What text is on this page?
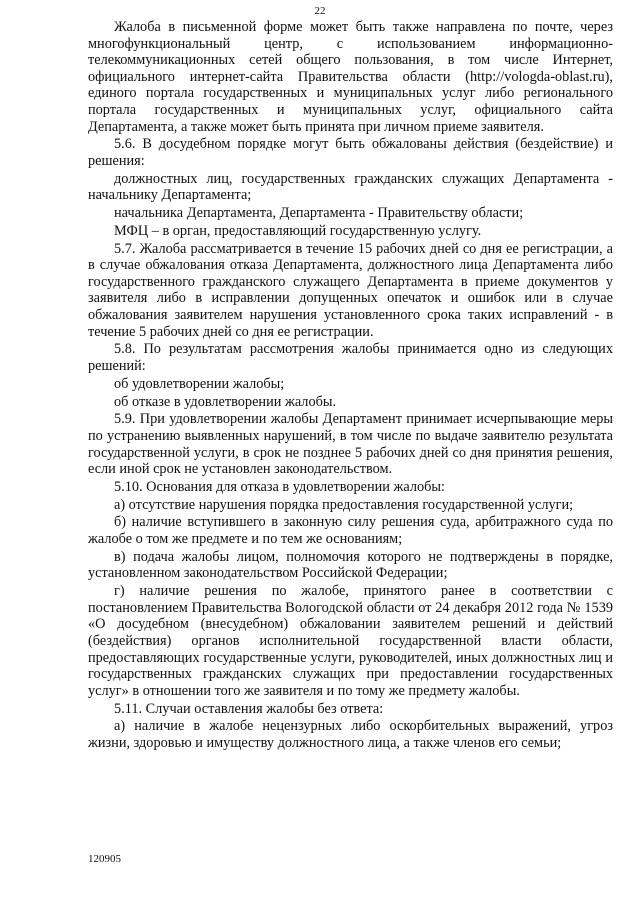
22

Жалоба в письменной форме может быть также направлена по почте, через многофункциональный центр, с использованием информационно-телекоммуникационных сетей общего пользования, в том числе Интернет, официального интернет-сайта Правительства области (http://vologda-oblast.ru), единого портала государственных и муниципальных услуг либо регионального портала государственных и муниципальных услуг, официального сайта Департамента, а также может быть принята при личном приеме заявителя.

5.6. В досудебном порядке могут быть обжалованы действия (бездействие) и решения:

должностных лиц, государственных гражданских служащих Департамента - начальнику Департамента;

начальника Департамента, Департамента - Правительству области;

МФЦ – в орган, предоставляющий государственную услугу.

5.7. Жалоба рассматривается в течение 15 рабочих дней со дня ее регистрации, а в случае обжалования отказа Департамента, должностного лица Департамента либо государственного гражданского служащего Департамента в приеме документов у заявителя либо в исправлении допущенных опечаток и ошибок или в случае обжалования заявителем нарушения установленного срока таких исправлений - в течение 5 рабочих дней со дня ее регистрации.

5.8. По результатам рассмотрения жалобы принимается одно из следующих решений:

об удовлетворении жалобы;

об отказе в удовлетворении жалобы.

5.9. При удовлетворении жалобы Департамент принимает исчерпывающие меры по устранению выявленных нарушений, в том числе по выдаче заявителю результата государственной услуги, в срок не позднее 5 рабочих дней со дня принятия решения, если иной срок не установлен законодательством.

5.10. Основания для отказа в удовлетворении жалобы:

а) отсутствие нарушения порядка предоставления государственной услуги;

б) наличие вступившего в законную силу решения суда, арбитражного суда по жалобе о том же предмете и по тем же основаниям;

в) подача жалобы лицом, полномочия которого не подтверждены в порядке, установленном законодательством Российской Федерации;

г) наличие решения по жалобе, принятого ранее в соответствии с постановлением Правительства Вологодской области от 24 декабря 2012 года № 1539 «О досудебном (внесудебном) обжаловании заявителем решений и действий (бездействия) органов исполнительной государственной власти области, предоставляющих государственные услуги, руководителей, иных должностных лиц и государственных гражданских служащих при предоставлении государственных услуг» в отношении того же заявителя и по тому же предмету жалобы.

5.11. Случаи оставления жалобы без ответа:

а) наличие в жалобе нецензурных либо оскорбительных выражений, угроз жизни, здоровью и имуществу должностного лица, а также членов его семьи;

120905
